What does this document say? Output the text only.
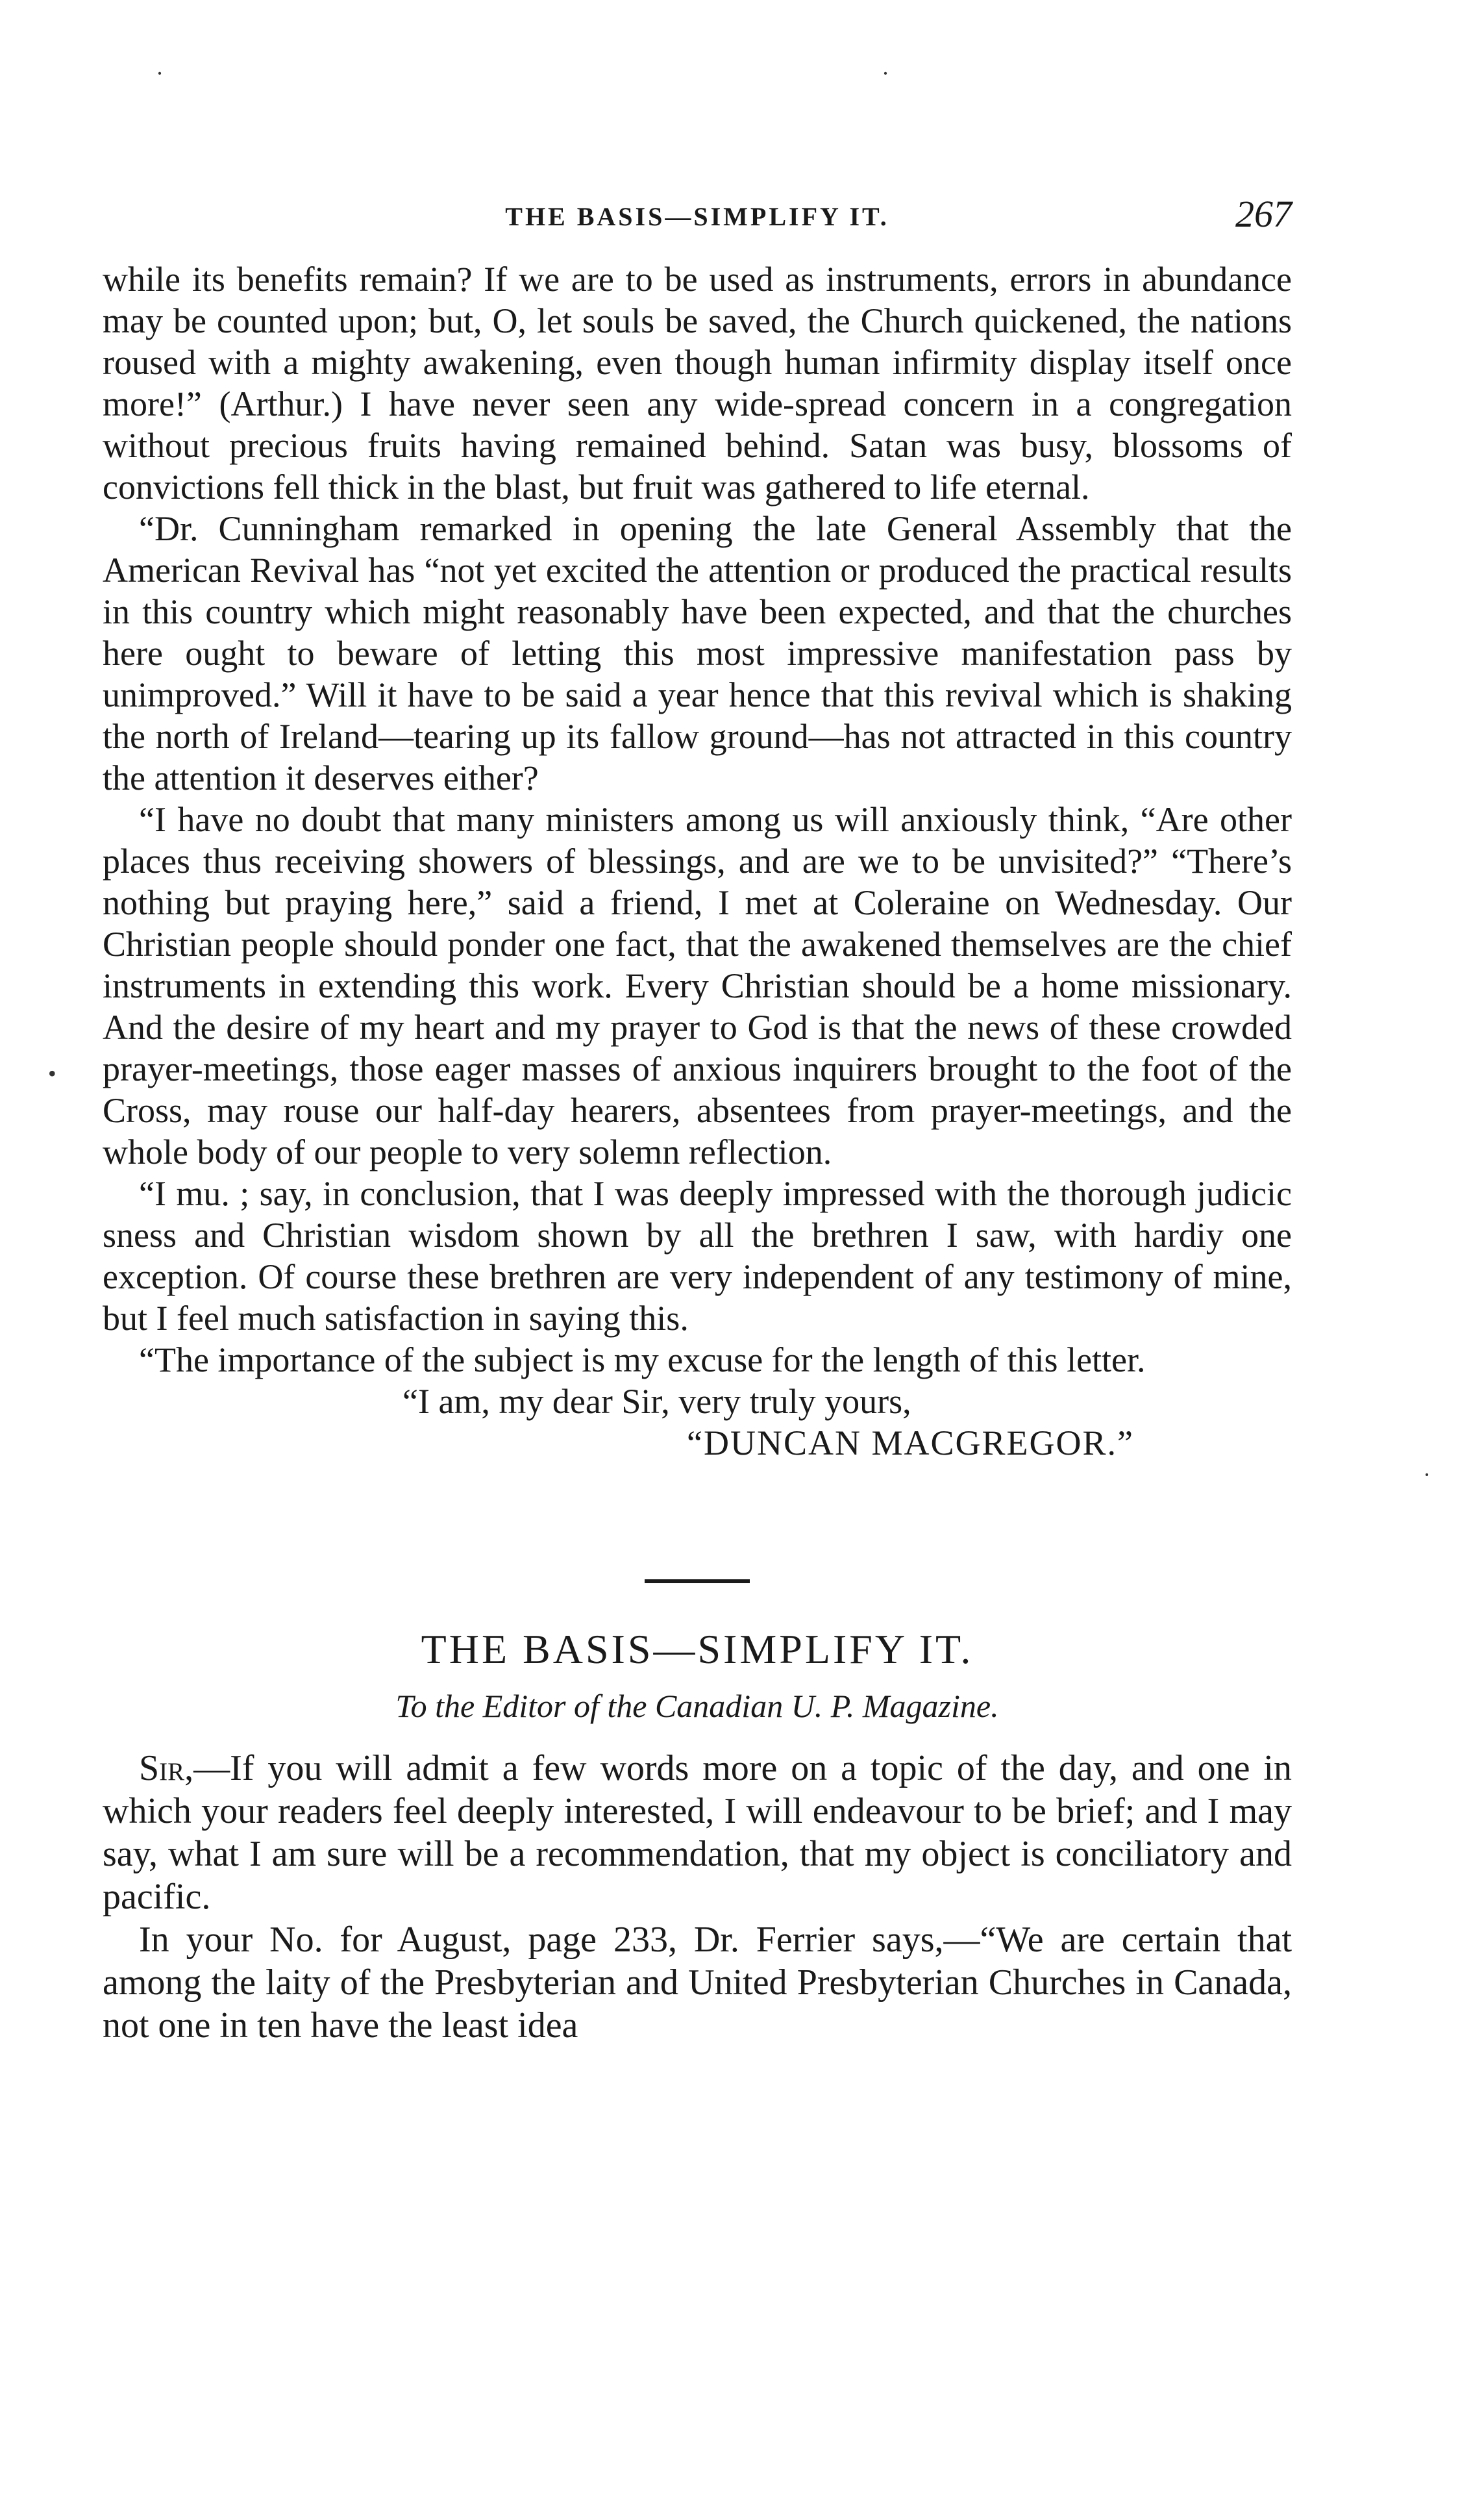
·	·
•
·
THE BASIS—SIMPLIFY IT.	267

while its benefits remain? If we are to be used as instruments, errors in abundance may be counted upon; but, O, let souls be saved, the Church quickened, the nations roused with a mighty awakening, even though human infirmity display itself once more!” (Arthur.) I have never seen any wide-spread concern in a congregation without precious fruits having remained behind. Satan was busy, blossoms of convictions fell thick in the blast, but fruit was gathered to life eternal.

“Dr. Cunningham remarked in opening the late General Assembly that the American Revival has “not yet excited the attention or produced the practical results in this country which might reasonably have been expected, and that the churches here ought to beware of letting this most impressive manifestation pass by unimproved.” Will it have to be said a year hence that this revival which is shaking the north of Ireland—tearing up its fallow ground—has not attracted in this country the attention it deserves either?

“I have no doubt that many ministers among us will anxiously think, “Are other places thus receiving showers of blessings, and are we to be unvisited?” “There’s nothing but praying here,” said a friend, I met at Coleraine on Wednesday. Our Christian people should ponder one fact, that the awakened themselves are the chief instruments in extending this work. Every Christian should be a home missionary. And the desire of my heart and my prayer to God is that the news of these crowded prayer-meetings, those eager masses of anxious inquirers brought to the foot of the Cross, may rouse our half-day hearers, absentees from prayer-meetings, and the whole body of our people to very solemn reflection.

“I mu. ; say, in conclusion, that I was deeply impressed with the thorough judicic sness and Christian wisdom shown by all the brethren I saw, with hardiy one exception. Of course these brethren are very independent of any testimony of mine, but I feel much satisfaction in saying this.

“The importance of the subject is my excuse for the length of this letter.

“I am, my dear Sir, very truly yours,
“DUNCAN MACGREGOR.”
THE BASIS—SIMPLIFY IT.
To the Editor of the Canadian U. P. Magazine.

Sir,—If you will admit a few words more on a topic of the day, and one in which your readers feel deeply interested, I will endeavour to be brief; and I may say, what I am sure will be a recommendation, that my object is conciliatory and pacific.

In your No. for August, page 233, Dr. Ferrier says,—“We are certain that among the laity of the Presbyterian and United Presbyterian Churches in Canada, not one in ten have the least idea
